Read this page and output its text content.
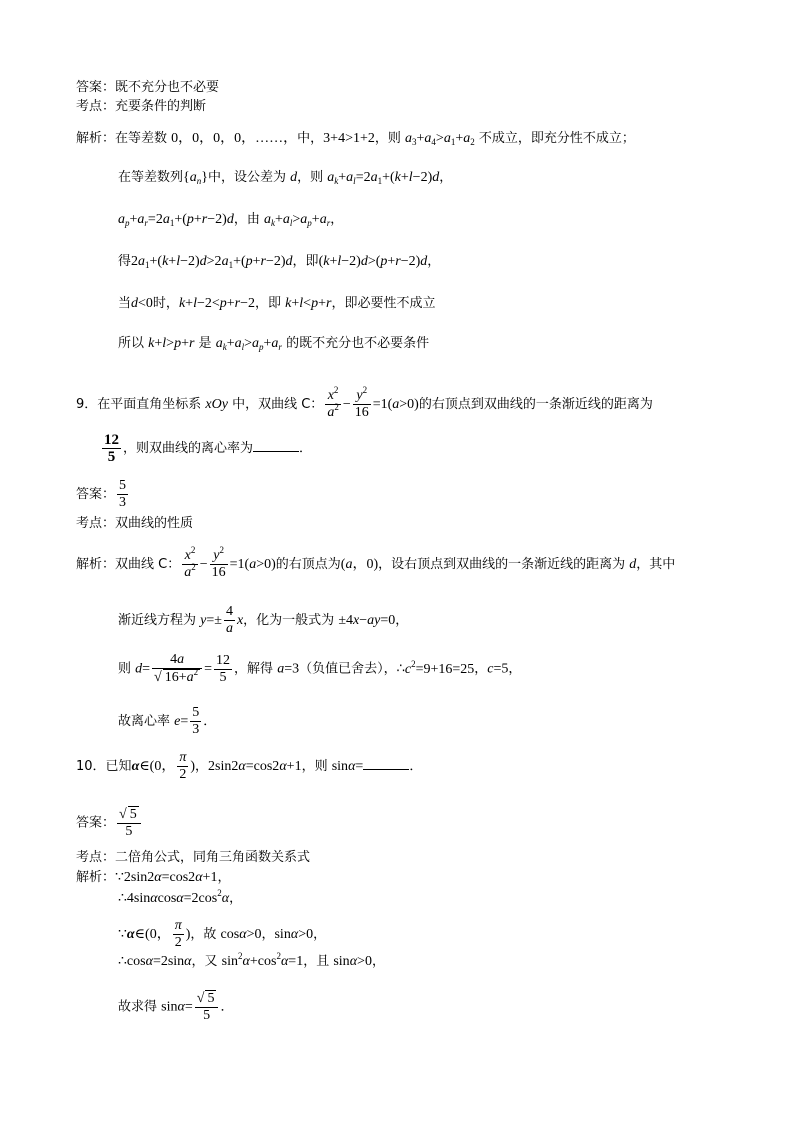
答案：既不充分也不必要
考点：充要条件的判断
解析：在等差数 0，0，0，0，……，中，3+4>1+2，则 $a_3+a_4>a_1+a_2$ 不成立，即充分性不成立；
在等差数列$\{a_n\}$中，设公差为 d，则 $a_k+a_l=2a_1+(k+l-2)d$，
$a_p+a_r=2a_1+(p+r-2)d$，由 $a_k+a_l>a_p+a_r$，
得$2a_1+(k+l-2)d>2a_1+(p+r-2)d$，即(k+l−2)d>(p+r−2)d，
当d<0时，k+l−2<p+r−2，即 k+l<p+r，即必要性不成立
所以 k+l>p+r 是 $a_k+a_l>a_p+a_r$ 的既不充分也不必要条件
9．在平面直角坐标系 xOy 中，双曲线 C： $\frac{x^2}{a^2} - \frac{y^2}{16} =1(a>0)$的右顶点到双曲线的一条渐近线的距离为
$\frac{12}{5}$ ，则双曲线的离心率为	．
答案： $\frac{5}{3}$
考点：双曲线的性质
解析：双曲线 C： $\frac{x^2}{a^2} - \frac{y^2}{16} =1(a>0)$的右顶点为(a，0)，设右顶点到双曲线的一条渐近线的距离为 d，其中
渐近线方程为 $y=\pm \frac{4}{a}$ x，化为一般式为 ±4x−ay=0，
则 $d= \frac{4a}{√ 16+a^2} = \frac{12}{5}$ ，解得 a=3（负值已舍去），$\therefore c^2=9+16=25$，c=5，
故离心率 $e= \frac{5}{3}$ ．
10．已知α∈(0， $\frac{\pi}{2}$ )，2sin2α=cos2α+1，则 sinα=	．
答案： $\frac{√ 5}{5}$
考点：二倍角公式，同角三角函数关系式
解析：∵2sin2α=cos2α+1，
$\therefore 4\sin\alpha\cos\alpha=2\cos^2\alpha$，
∵α∈(0， $\frac{\pi}{2}$ )，故 cosα>0，sinα>0，
∴cosα=2sinα，又 $\sin^2\alpha+\cos^2\alpha=1$，且 sinα>0，
故求得 $\sin\alpha= \frac{√ 5}{5}$ ．
